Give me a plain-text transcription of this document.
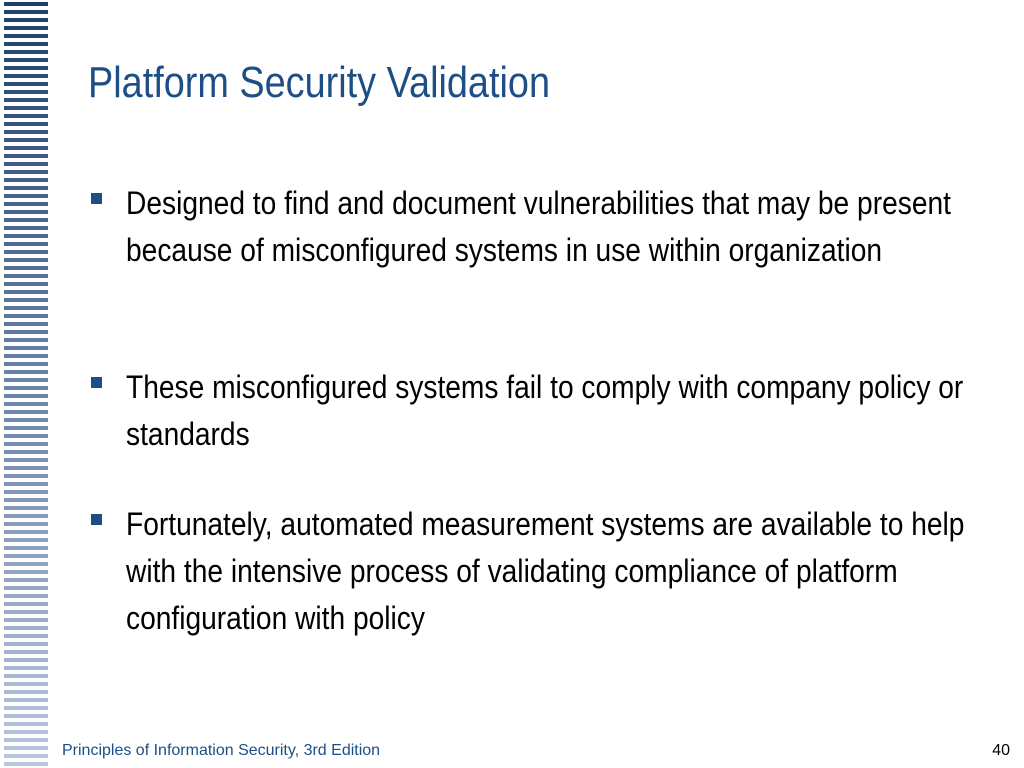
Platform Security Validation
Designed to find and document vulnerabilities that may be present because of misconfigured systems in use within organization
These misconfigured systems fail to comply with company policy or standards
Fortunately, automated measurement systems are available to help with the intensive process of validating compliance of platform configuration with policy
Principles of Information Security, 3rd Edition	40
